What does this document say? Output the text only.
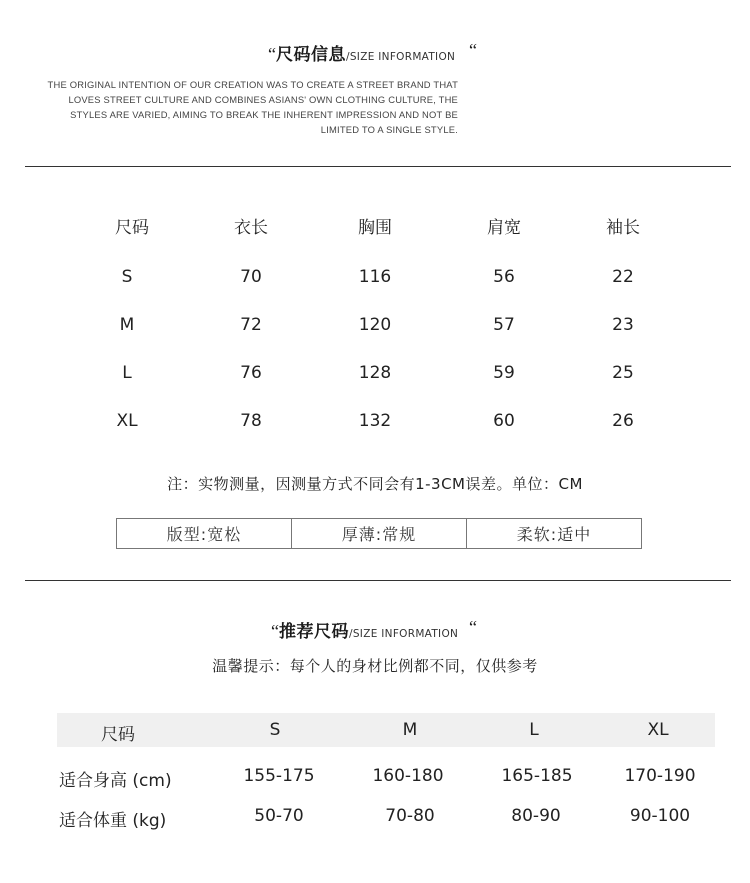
“尺码信息/SIZE INFORMATION “
THE ORIGINAL INTENTION OF OUR CREATION WAS TO CREATE A STREET BRAND THAT
LOVES STREET CULTURE AND COMBINES ASIANS' OWN CLOTHING CULTURE, THE
STYLES ARE VARIED, AIMING TO BREAK THE INHERENT IMPRESSION AND NOT BE
LIMITED TO A SINGLE STYLE.
尺码	衣长	胸围	肩宽	袖长
S	70	116	56	22
M	72	120	57	23
L	76	128	59	25
XL	78	132	60	26
注：实物测量，因测量方式不同会有1-3CM误差。单位：CM
版型:宽松	厚薄:常规	柔软:适中
“推荐尺码/SIZE INFORMATION “
温馨提示：每个人的身材比例都不同，仅供参考
尺码	S	M	L	XL
适合身高 (cm)	155-175	160-180	165-185	170-190
适合体重 (kg)	50-70	70-80	80-90	90-100
